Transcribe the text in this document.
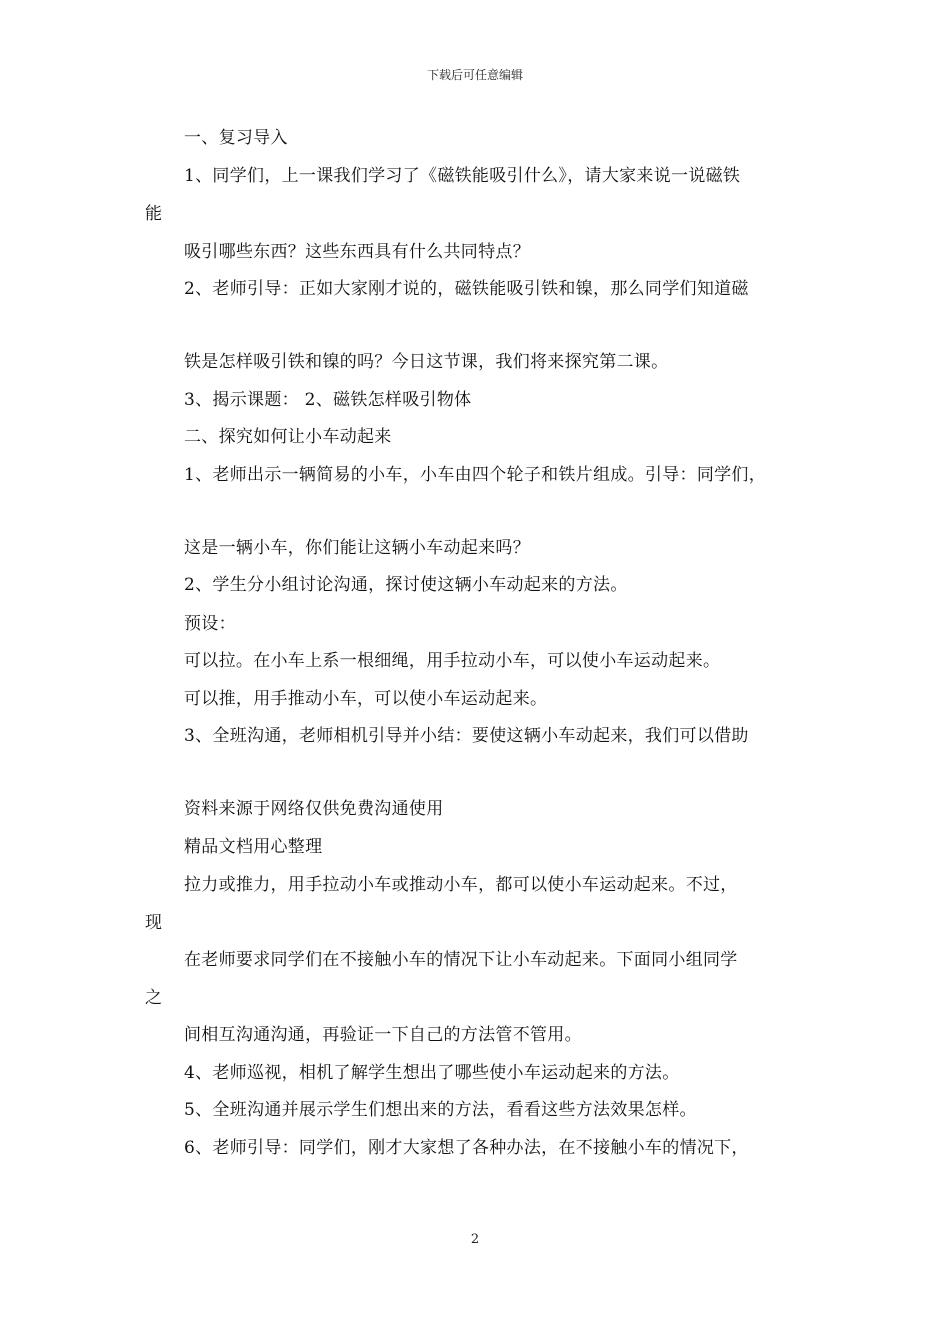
下载后可任意编辑
一、复习导入
1、同学们，上一课我们学习了《磁铁能吸引什么》，请大家来说一说磁铁
能
吸引哪些东西？这些东西具有什么共同特点？
2、老师引导：正如大家刚才说的，磁铁能吸引铁和镍，那么同学们知道磁
铁是怎样吸引铁和镍的吗？今日这节课，我们将来探究第二课。
3、揭示课题： 2、磁铁怎样吸引物体
二、探究如何让小车动起来
1、老师出示一辆简易的小车，小车由四个轮子和铁片组成。引导：同学们，
这是一辆小车，你们能让这辆小车动起来吗？
2、学生分小组讨论沟通，探讨使这辆小车动起来的方法。
预设：
可以拉。在小车上系一根细绳，用手拉动小车，可以使小车运动起来。
可以推，用手推动小车，可以使小车运动起来。
3、全班沟通，老师相机引导并小结：要使这辆小车动起来，我们可以借助
资料来源于网络仅供免费沟通使用
精品文档用心整理
拉力或推力，用手拉动小车或推动小车，都可以使小车运动起来。不过，
现
在老师要求同学们在不接触小车的情况下让小车动起来。下面同小组同学
之
间相互沟通沟通，再验证一下自己的方法管不管用。
4、老师巡视，相机了解学生想出了哪些使小车运动起来的方法。
5、全班沟通并展示学生们想出来的方法，看看这些方法效果怎样。
6、老师引导：同学们，刚才大家想了各种办法，在不接触小车的情况下，
2
